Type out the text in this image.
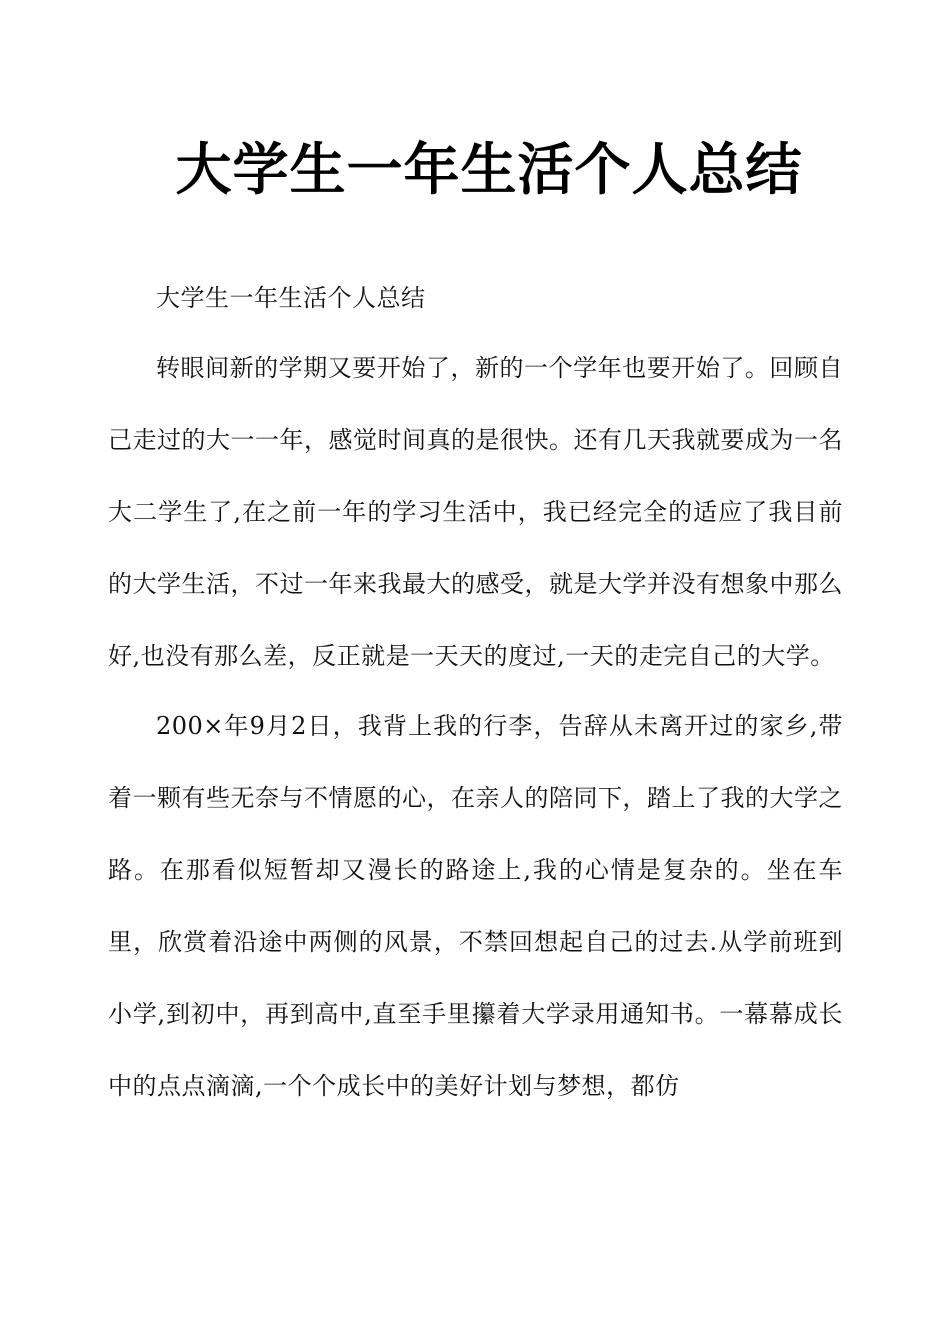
大学生一年生活个人总结

大学生一年生活个人总结

转眼间新的学期又要开始了，新的一个学年也要开始了。回顾自己走过的大一一年，感觉时间真的是很快。还有几天我就要成为一名大二学生了,在之前一年的学习生活中，我已经完全的适应了我目前的大学生活，不过一年来我最大的感受，就是大学并没有想象中那么好,也没有那么差，反正就是一天天的度过,一天的走完自己的大学。

200×年9月2日，我背上我的行李，告辞从未离开过的家乡,带着一颗有些无奈与不情愿的心，在亲人的陪同下，踏上了我的大学之路。在那看似短暂却又漫长的路途上,我的心情是复杂的。坐在车里，欣赏着沿途中两侧的风景，不禁回想起自己的过去.从学前班到小学,到初中，再到高中,直至手里攥着大学录用通知书。一幕幕成长中的点点滴滴,一个个成长中的美好计划与梦想，都仿
